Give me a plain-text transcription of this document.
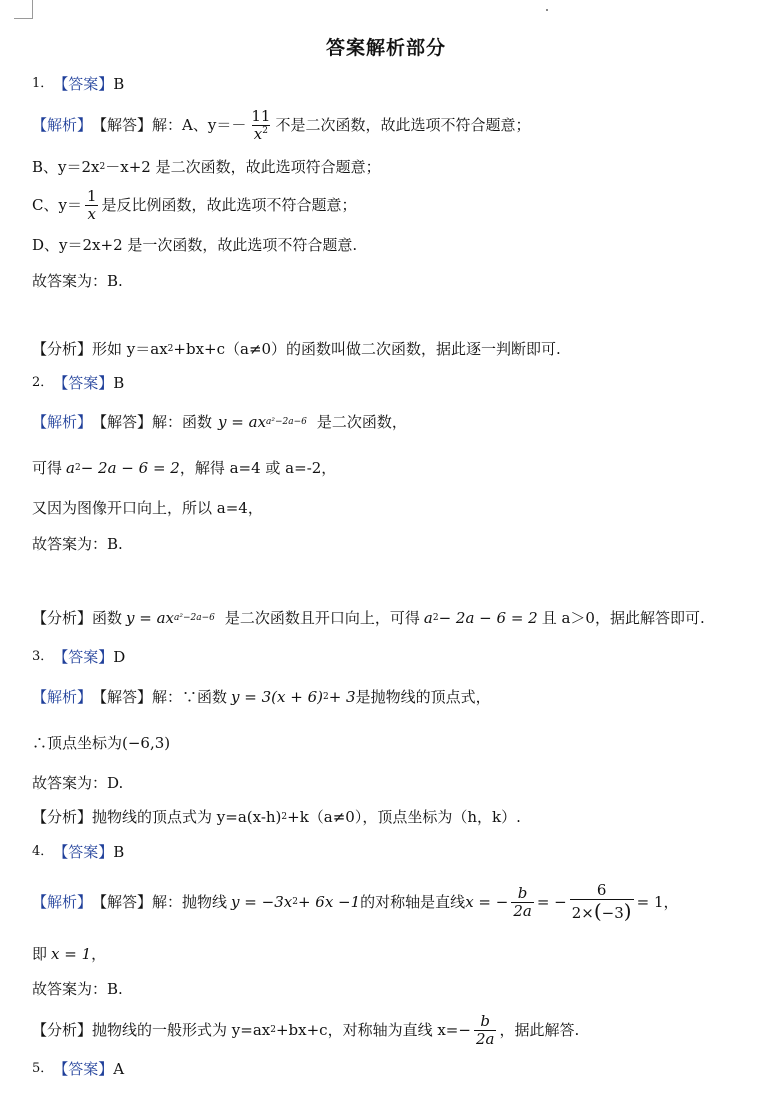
答案解析部分
1． 【答案】 B
【解析】 【解答】 解：A、$y=- \frac{11}{x^2}$ 不是二次函数，故此选项不符合题意；
B、y＝2x 2 －x+2 是二次函数，故此选项符合题意；
C、$y= \frac{1}{x}$ 是反比例函数，故此选项不符合题意；
D、y＝2x+2 是一次函数，故此选项不符合题意.
故答案为：B.
【分析】 形如 y＝ax 2 +bx+c（a≠0）的函数叫做二次函数，据此逐一判断即可.
2． 【答案】 B
【解析】 【解答】 解：函数 y = ax a²−2a−6 是二次函数，
可得 a 2 − 2a − 6 = 2 ，解得 a=4 或 a=-2，
又因为图像开口向上，所以 a=4，
故答案为：B.
【分析】 函数 y = ax a²−2a−6 是二次函数且开口向上，可得 a 2 − 2a − 6 = 2 且 a＞0，据此解答即可.
3． 【答案】 D
【解析】 【解答】 解：∵函数 y = 3(x + 6) 2 + 3 是抛物线的顶点式，
∴顶点坐标为(−6,3)
故答案为：D.
【分析】 抛物线的顶点式为 y=a(x-h) 2 +k（a≠0），顶点坐标为（h，k）.
4． 【答案】 B
【解析】 【解答】 解：抛物线 y = −3x 2 + 6x −1 的对称轴是直线 x = − $\frac{b}{2a}$ = − $\frac{6}{2\times(-3)} = 1$ ，
即 x = 1 ，
故答案为：B.
【分析】 抛物线的一般形式为 y=ax 2 +bx+c，对称轴为直线 $x=- \frac{b}{2a}$ ，据此解答.
5． 【答案】 A
